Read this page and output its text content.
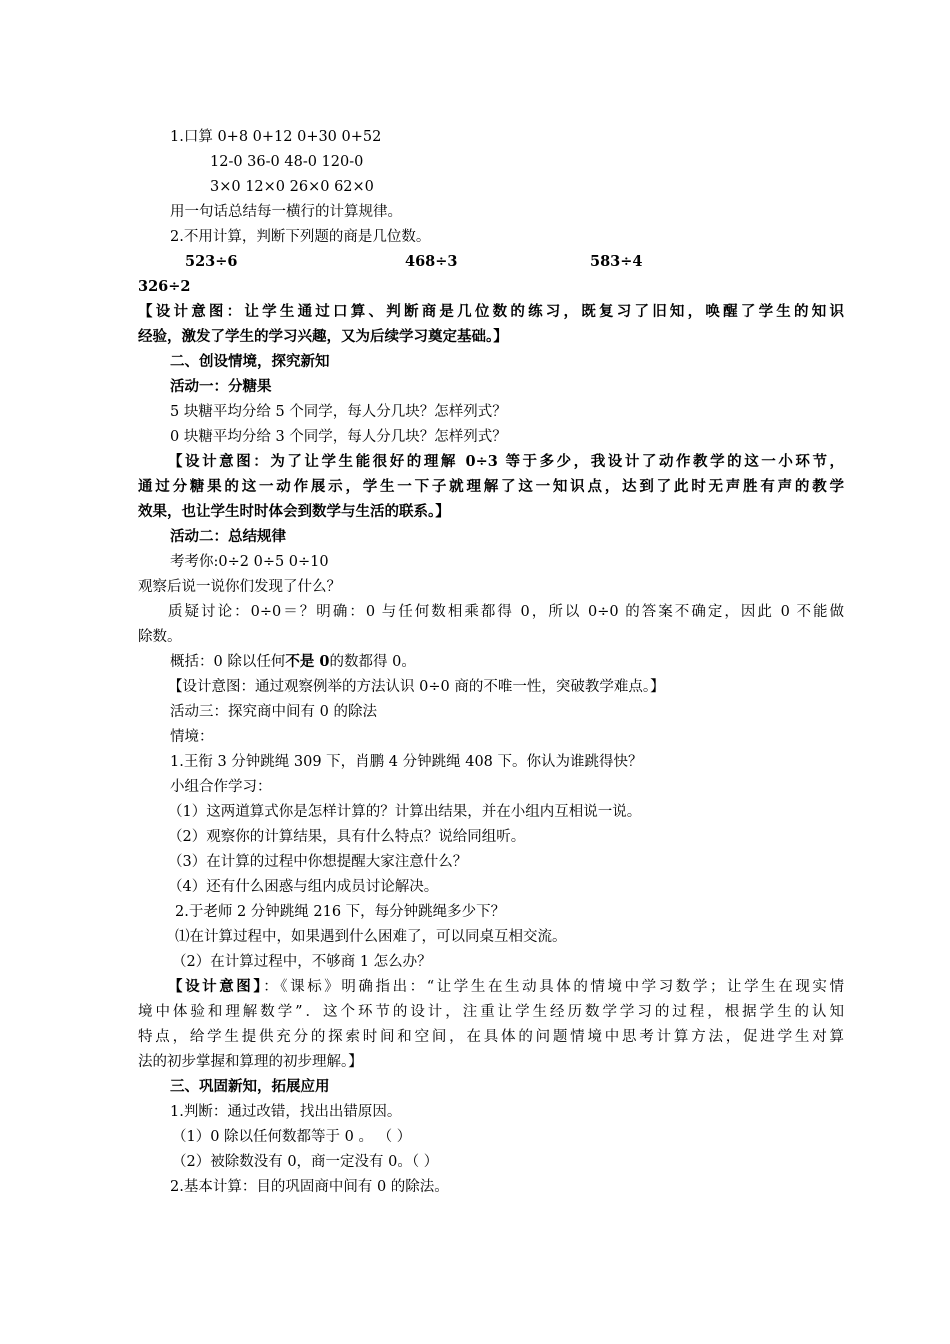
1.口算 0+8 0+12 0+30 0+52
12-0 36-0 48-0 120-0
3×0 12×0 26×0 62×0
用一句话总结每一横行的计算规律。
2.不用计算，判断下列题的商是几位数。
523÷6	468÷3	583÷4
326÷2
【设计意图：让学生通过口算、判断商是几位数的练习，既复习了旧知，唤醒了学生的知识
经验，激发了学生的学习兴趣，又为后续学习奠定基础。】
二、创设情境，探究新知
活动一：分糖果
5 块糖平均分给 5 个同学，每人分几块？怎样列式？
0 块糖平均分给 3 个同学，每人分几块？怎样列式？
【设计意图：为了让学生能很好的理解 0÷3 等于多少，我设计了动作教学的这一小环节，
通过分糖果的这一动作展示，学生一下子就理解了这一知识点，达到了此时无声胜有声的教学
效果，也让学生时时体会到数学与生活的联系。】
活动二：总结规律
考考你:0÷2 0÷5 0÷10
观察后说一说你们发现了什么？
质疑讨论：0÷0＝？明确：0 与任何数相乘都得 0，所以 0÷0 的答案不确定，因此 0 不能做
除数。
概括：0 除以任何不是 0的数都得 0。
【设计意图：通过观察例举的方法认识 0÷0 商的不唯一性，突破教学难点。】
活动三：探究商中间有 0 的除法
情境：
1.王衔 3 分钟跳绳 309 下，肖鹏 4 分钟跳绳 408 下。你认为谁跳得快？
小组合作学习：
（1）这两道算式你是怎样计算的？计算出结果，并在小组内互相说一说。
（2）观察你的计算结果，具有什么特点？说给同组听。
（3）在计算的过程中你想提醒大家注意什么？
（4）还有什么困惑与组内成员讨论解决。
2.于老师 2 分钟跳绳 216 下，每分钟跳绳多少下？
⑴在计算过程中，如果遇到什么困难了，可以同桌互相交流。
（2）在计算过程中，不够商 1 怎么办？
【设计意图】：《课标》明确指出：“让学生在生动具体的情境中学习数学；让学生在现实情
境中体验和理解数学”．这个环节的设计，注重让学生经历数学学习的过程，根据学生的认知
特点，给学生提供充分的探索时间和空间，在具体的问题情境中思考计算方法，促进学生对算
法的初步掌握和算理的初步理解。】
三、巩固新知，拓展应用
1.判断：通过改错，找出出错原因。
（1）0 除以任何数都等于 0 。 （ ）
（2）被除数没有 0，商一定没有 0。（ ）
2.基本计算：目的巩固商中间有 0 的除法。
